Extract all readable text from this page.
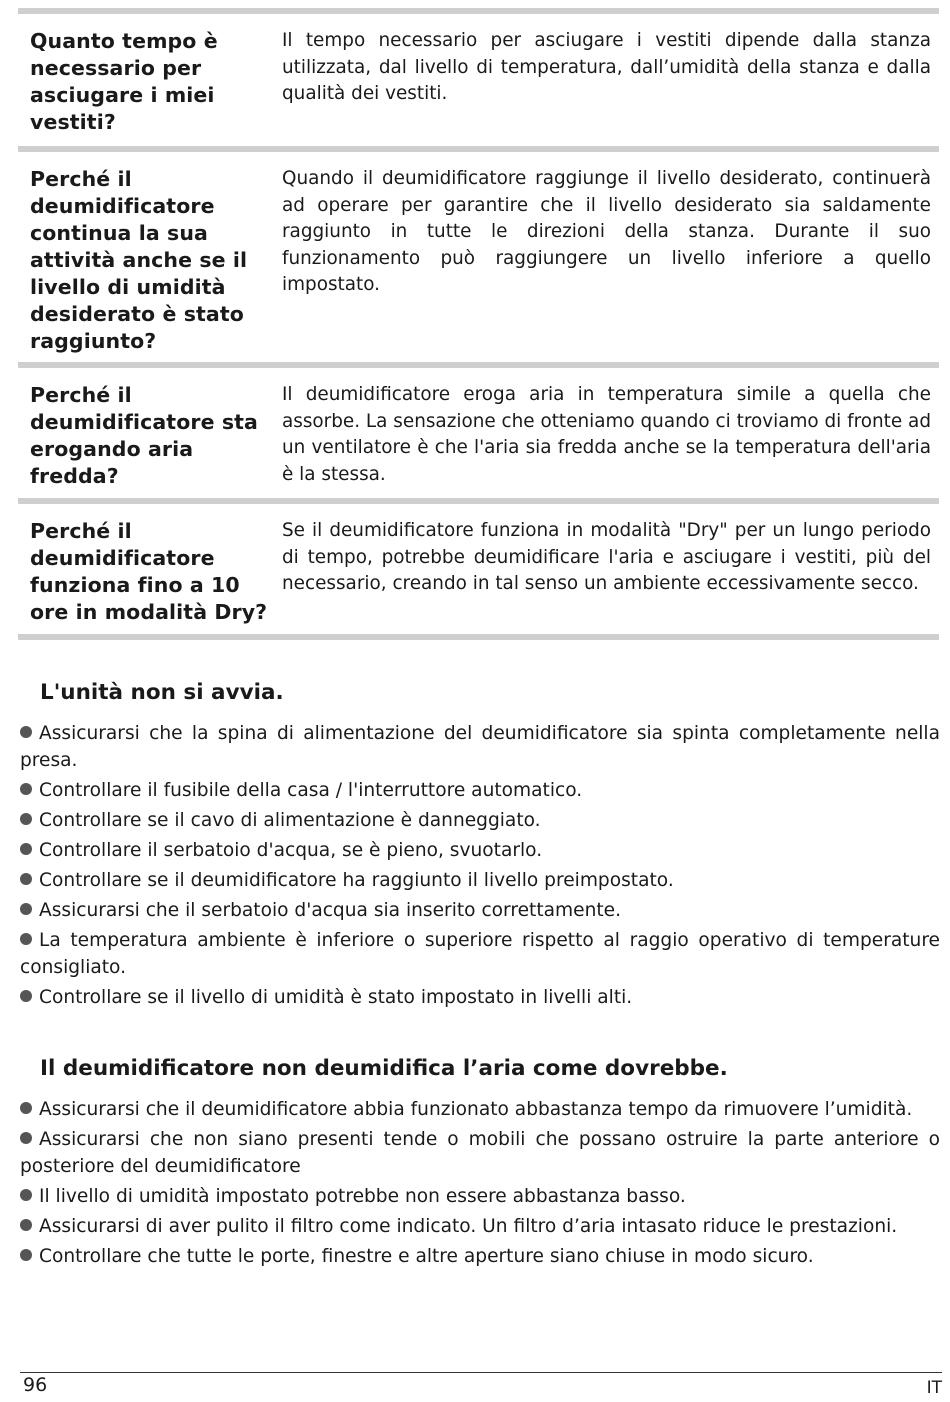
Quanto tempo è necessario per asciugare i miei vestiti?
Il tempo necessario per asciugare i vestiti dipende dalla stanza utilizzata, dal livello di temperatura, dall’umidità della stanza e dalla qualità dei vestiti.
Perché il deumidificatore continua la sua attività anche se il livello di umidità desiderato è stato raggiunto?
Quando il deumidificatore raggiunge il livello desiderato, continuerà ad operare per garantire che il livello desiderato sia saldamente raggiunto in tutte le direzioni della stanza. Durante il suo funzionamento può raggiungere un livello inferiore a quello impostato.
Perché il deumidificatore sta erogando aria fredda?
Il deumidificatore eroga aria in temperatura simile a quella che assorbe. La sensazione che otteniamo quando ci troviamo di fronte ad un ventilatore è che l'aria sia fredda anche se la temperatura dell'aria è la stessa.
Perché il deumidificatore funziona fino a 10 ore in modalità Dry?
Se il deumidificatore funziona in modalità "Dry" per un lungo periodo di tempo, potrebbe deumidificare l'aria e asciugare i vestiti, più del necessario, creando in tal senso un ambiente eccessivamente secco.
L'unità non si avvia.
Assicurarsi che la spina di alimentazione del deumidificatore sia spinta completamente nella presa.
Controllare il fusibile della casa / l'interruttore automatico.
Controllare se il cavo di alimentazione è danneggiato.
Controllare il serbatoio d'acqua, se è pieno, svuotarlo.
Controllare se il deumidificatore ha raggiunto il livello preimpostato.
Assicurarsi che il serbatoio d'acqua sia inserito correttamente.
La temperatura ambiente è inferiore o superiore rispetto al raggio operativo di temperature consigliato.
Controllare se il livello di umidità è stato impostato in livelli alti.
Il deumidificatore non deumidifica l’aria come dovrebbe.
Assicurarsi che il deumidificatore abbia funzionato abbastanza tempo da rimuovere l’umidità.
Assicurarsi che non siano presenti tende o mobili che possano ostruire la parte anteriore o posteriore del deumidificatore
Il livello di umidità impostato potrebbe non essere abbastanza basso.
Assicurarsi di aver pulito il filtro come indicato. Un filtro d’aria intasato riduce le prestazioni.
Controllare che tutte le porte, finestre e altre aperture siano chiuse in modo sicuro.
96	IT
